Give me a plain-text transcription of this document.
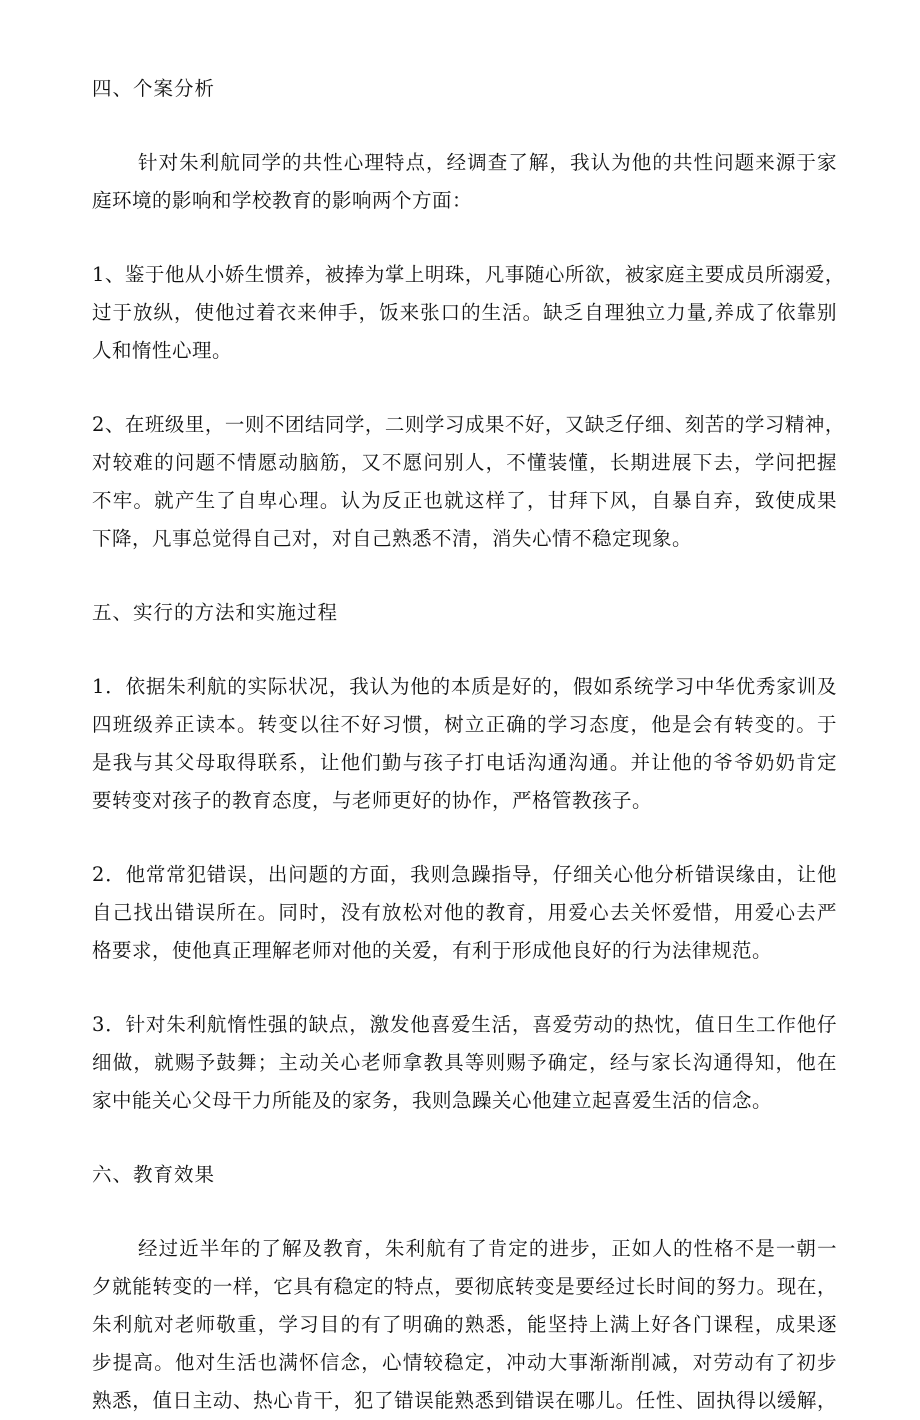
四、个案分析
针对朱利航同学的共性心理特点，经调查了解，我认为他的共性问题来源于家
庭环境的影响和学校教育的影响两个方面：
1、鉴于他从小娇生惯养，被捧为掌上明珠，凡事随心所欲，被家庭主要成员所溺爱，
过于放纵，使他过着衣来伸手，饭来张口的生活。缺乏自理独立力量,养成了依靠别
人和惰性心理。
2、在班级里，一则不团结同学，二则学习成果不好，又缺乏仔细、刻苦的学习精神，
对较难的问题不情愿动脑筋，又不愿问别人，不懂装懂，长期进展下去，学问把握
不牢。就产生了自卑心理。认为反正也就这样了，甘拜下风，自暴自弃，致使成果
下降，凡事总觉得自己对，对自己熟悉不清，消失心情不稳定现象。
五、实行的方法和实施过程
1．依据朱利航的实际状况，我认为他的本质是好的，假如系统学习中华优秀家训及
四班级养正读本。转变以往不好习惯，树立正确的学习态度，他是会有转变的。于
是我与其父母取得联系，让他们勤与孩子打电话沟通沟通。并让他的爷爷奶奶肯定
要转变对孩子的教育态度，与老师更好的协作，严格管教孩子。
2．他常常犯错误，出问题的方面，我则急躁指导，仔细关心他分析错误缘由，让他
自己找出错误所在。同时，没有放松对他的教育，用爱心去关怀爱惜，用爱心去严
格要求，使他真正理解老师对他的关爱，有利于形成他良好的行为法律规范。
3．针对朱利航惰性强的缺点，激发他喜爱生活，喜爱劳动的热忱，值日生工作他仔
细做，就赐予鼓舞；主动关心老师拿教具等则赐予确定，经与家长沟通得知，他在
家中能关心父母干力所能及的家务，我则急躁关心他建立起喜爱生活的信念。
六、教育效果
经过近半年的了解及教育，朱利航有了肯定的进步，正如人的性格不是一朝一
夕就能转变的一样，它具有稳定的特点，要彻底转变是要经过长时间的努力。现在，
朱利航对老师敬重，学习目的有了明确的熟悉，能坚持上满上好各门课程，成果逐
步提高。他对生活也满怀信念，心情较稳定，冲动大事渐渐削减，对劳动有了初步
熟悉，值日主动、热心肯干，犯了错误能熟悉到错误在哪儿。任性、固执得以缓解，
